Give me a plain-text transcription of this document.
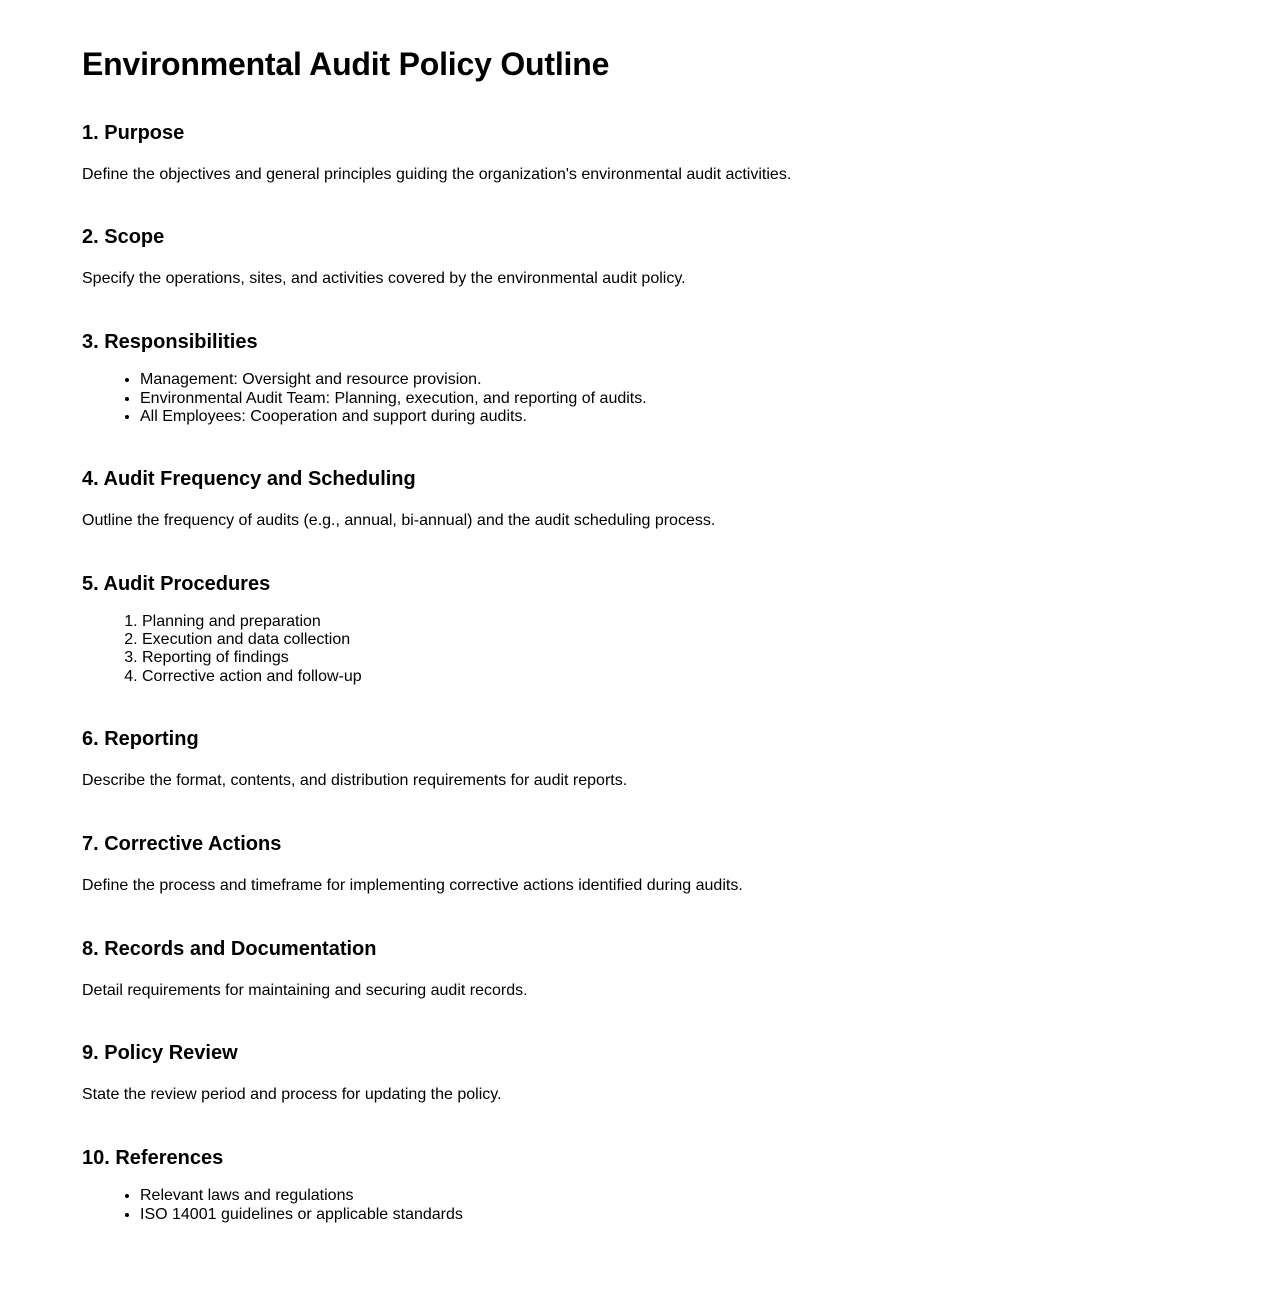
Environmental Audit Policy Outline
1. Purpose

Define the objectives and general principles guiding the organization's environmental audit activities.

2. Scope

Specify the operations, sites, and activities covered by the environmental audit policy.

3. Responsibilities
• Management: Oversight and resource provision.
• Environmental Audit Team: Planning, execution, and reporting of audits.
• All Employees: Cooperation and support during audits.
4. Audit Frequency and Scheduling

Outline the frequency of audits (e.g., annual, bi-annual) and the audit scheduling process.

5. Audit Procedures
1. Planning and preparation
2. Execution and data collection
3. Reporting of findings
4. Corrective action and follow-up
6. Reporting

Describe the format, contents, and distribution requirements for audit reports.

7. Corrective Actions

Define the process and timeframe for implementing corrective actions identified during audits.

8. Records and Documentation

Detail requirements for maintaining and securing audit records.

9. Policy Review

State the review period and process for updating the policy.

10. References
• Relevant laws and regulations
• ISO 14001 guidelines or applicable standards
